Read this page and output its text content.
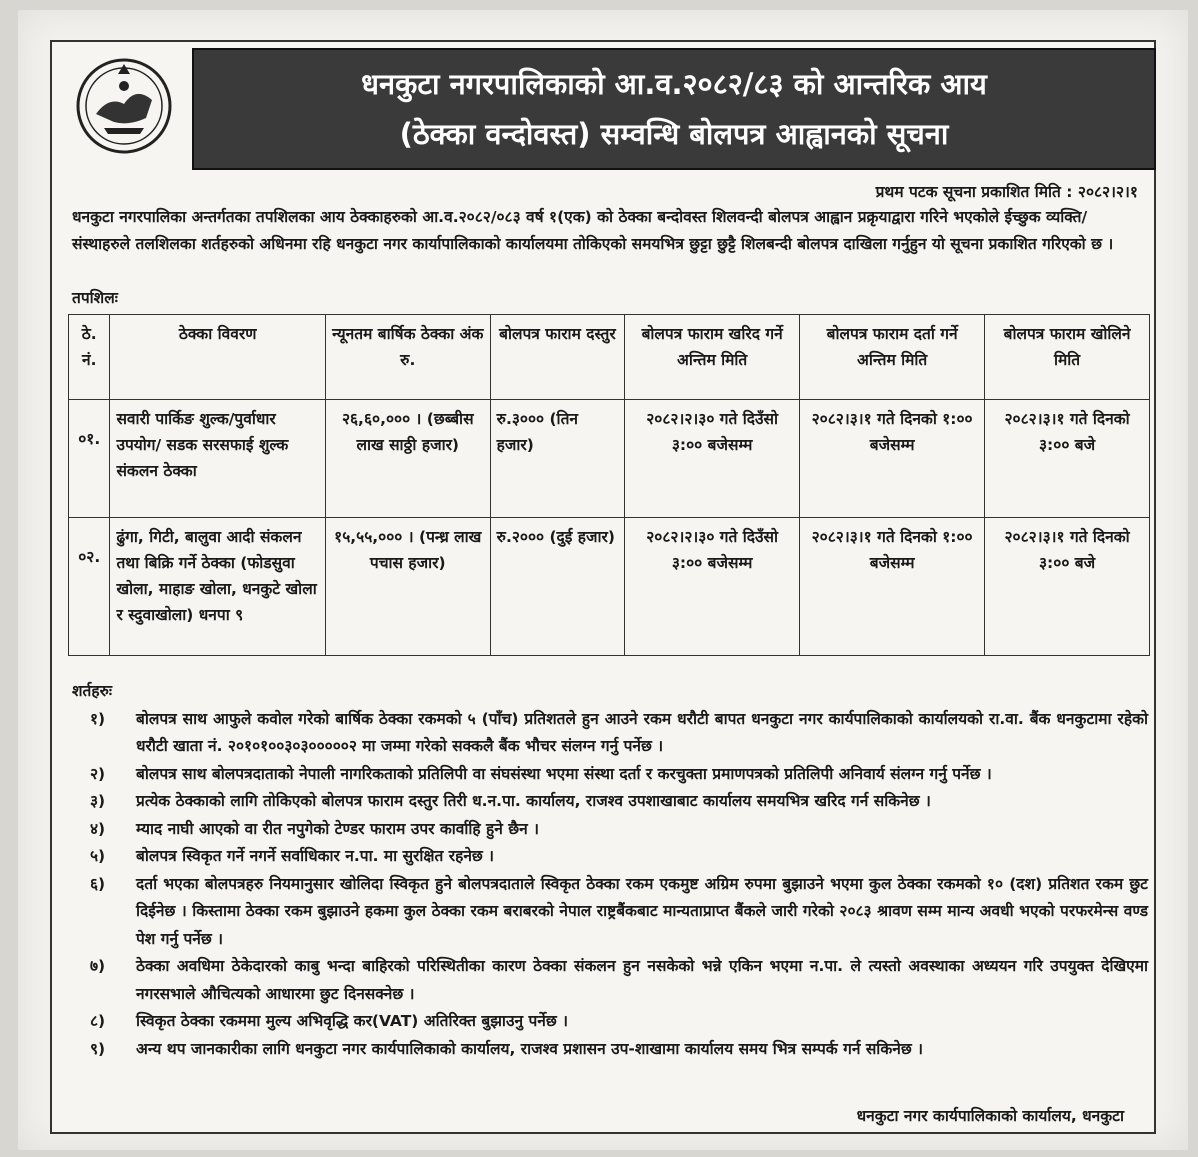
धनकुटा नगरपालिकाको आ.व.२०८२/८३ को आन्तरिक आय
(ठेक्का वन्दोवस्त) सम्वन्धि बोलपत्र आह्वानको सूचना
प्रथम पटक सूचना प्रकाशित मिति : २०८२।२।१
धनकुटा नगरपालिका अन्तर्गतका तपशिलका आय ठेक्काहरुको आ.व.२०८२/०८३ वर्ष १(एक) को ठेक्का बन्दोवस्त शिलवन्दी बोलपत्र आह्वान प्रक्रृयाद्वारा गरिने भएकोले ईच्छुक व्यक्ति/संस्थाहरुले तलशिलका शर्तहरुको अधिनमा रहि धनकुटा नगर कार्यापालिकाको कार्यालयमा तोकिएको समयभित्र छुट्टा छुट्टै शिलबन्दी बोलपत्र दाखिला गर्नुहुन यो सूचना प्रकाशित गरिएको छ ।
तपशिलः
ठे. नं.	ठेक्का विवरण	न्यूनतम बार्षिक ठेक्का अंक रु.	बोलपत्र फाराम दस्तुर	बोलपत्र फाराम खरिद गर्ने अन्तिम मिति	बोलपत्र फाराम दर्ता गर्ने अन्तिम मिति	बोलपत्र फाराम खोलिने मिति
०१.	सवारी पार्किङ शुल्क/पुर्वाधार उपयोग/ सडक सरसफाई शुल्क संकलन ठेक्का	२६,६०,००० । (छब्बीस लाख साठ्ठी हजार)	रु.३००० (तिन हजार)	२०८२।२।३० गते दिउँसो ३:०० बजेसम्म	२०८२।३।१ गते दिनको १:०० बजेसम्म	२०८२।३।१ गते दिनको ३:०० बजे
०२.	ढुंगा, गिटी, बालुवा आदी संकलन तथा बिक्रि गर्ने ठेक्का (फोडसुवा खोला, माहाङ खोला, धनकुटे खोला र स्दुवाखोला) धनपा ९	१५,५५,००० । (पन्ध्र लाख पचास हजार)	रु.२००० (दुई हजार)	२०८२।२।३० गते दिउँसो ३:०० बजेसम्म	२०८२।३।१ गते दिनको १:०० बजेसम्म	२०८२।३।१ गते दिनको ३:०० बजे
शर्तहरुः
१)	बोलपत्र साथ आफुले कवोल गरेको बार्षिक ठेक्का रकमको ५ (पाँच) प्रतिशतले हुन आउने रकम धरौटी बापत धनकुटा नगर कार्यपालिकाको कार्यालयको रा.वा. बैंक धनकुटामा रहेको धरौटी खाता नं. २०१०१००३०३०००००२ मा जम्मा गरेको सक्कलै बैंक भौचर संलग्न गर्नु पर्नेछ ।
२)	बोलपत्र साथ बोलपत्रदाताको नेपाली नागरिकताको प्रतिलिपी वा संघसंस्था भएमा संस्था दर्ता र करचुक्ता प्रमाणपत्रको प्रतिलिपी अनिवार्य संलग्न गर्नु पर्नेछ ।
३)	प्रत्येक ठेक्काको लागि तोकिएको बोलपत्र फाराम दस्तुर तिरी ध.न.पा. कार्यालय, राजश्व उपशाखाबाट कार्यालय समयभित्र खरिद गर्न सकिनेछ ।
४)	म्याद नाघी आएको वा रीत नपुगेको टेण्डर फाराम उपर कार्वाहि हुने छैन ।
५)	बोलपत्र स्विकृत गर्ने नगर्ने सर्वाधिकार न.पा. मा सुरक्षित रहनेछ ।
६)	दर्ता भएका बोलपत्रहरु नियमानुसार खोलिदा स्विकृत हुने बोलपत्रदाताले स्विकृत ठेक्का रकम एकमुष्ट अग्रिम रुपमा बुझाउने भएमा कुल ठेक्का रकमको १० (दश) प्रतिशत रकम छुट दिईनेछ । किस्तामा ठेक्का रकम बुझाउने हकमा कुल ठेक्का रकम बराबरको नेपाल राष्ट्रबैंकबाट मान्यताप्राप्त बैंकले जारी गरेको २०८३ श्रावण सम्म मान्य अवधी भएको परफरमेन्स वण्ड पेश गर्नु पर्नेछ ।
७)	ठेक्का अवधिमा ठेकेदारको काबु भन्दा बाहिरको परिस्थितीका कारण ठेक्का संकलन हुन नसकेको भन्ने एकिन भएमा न.पा. ले त्यस्तो अवस्थाका अध्ययन गरि उपयुक्त देखिएमा नगरसभाले औचित्यको आधारमा छुट दिनसक्नेछ ।
८)	स्विकृत ठेक्का रकममा मुल्य अभिवृद्धि कर(VAT) अतिरिक्त बुझाउनु पर्नेछ ।
९)	अन्य थप जानकारीका लागि धनकुटा नगर कार्यपालिकाको कार्यालय, राजश्व प्रशासन उप-शाखामा कार्यालय समय भित्र सम्पर्क गर्न सकिनेछ ।
धनकुटा नगर कार्यपालिकाको कार्यालय, धनकुटा
